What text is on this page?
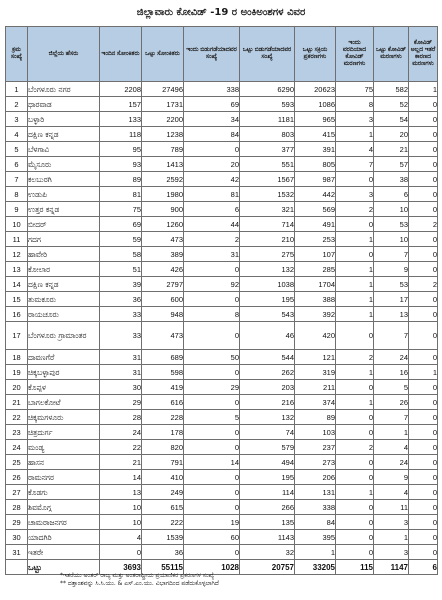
ಜಿಲ್ಲಾವಾರು ಕೋವಿಡ್ -19 ರ ಅಂಕಿಅಂಶಗಳ ವಿವರ
ಕ್ರಮ ಸಂಖ್ಯೆ	ಜಿಲ್ಲೆಯ ಹೆಸರು	ಇಂದಿನ ಸೋಂಕಿತರು	ಒಟ್ಟು ಸೋಂಕಿತರು	ಇಂದು ಬಿಡುಗಡೆಯಾದವರ ಸಂಖ್ಯೆ	ಒಟ್ಟು ಬಿಡುಗಡೆಯಾದವರ ಸಂಖ್ಯೆ	ಒಟ್ಟು ಸಕ್ರಿಯ ಪ್ರಕರಣಗಳು	ಇಂದು ವರದಿಯಾದ ಕೋವಿಡ್ ಮರಣಗಳು	ಒಟ್ಟು ಕೋವಿಡ್ ಮರಣಗಳು	ಕೋವಿಡ್ ಅಲ್ಲದ ಇತರೆ ಕಾರಣದ ಮರಣಗಳು
1	ಬೆಂಗಳೂರು ನಗರ	2208	27496	338	6290	20623	75	582	1
2	ಧಾರವಾಡ	157	1731	69	593	1086	8	52	0
3	ಬಳ್ಳಾರಿ	133	2200	34	1181	965	3	54	0
4	ದಕ್ಷಿಣ ಕನ್ನಡ	118	1238	84	803	415	1	20	0
5	ಬೆಳಗಾವಿ	95	789	0	377	391	4	21	0
6	ಮೈಸೂರು	93	1413	20	551	805	7	57	0
7	ಕಲಬುರಗಿ	89	2592	42	1567	987	0	38	0
8	ಉಡುಪಿ	81	1980	81	1532	442	3	6	0
9	ಉತ್ತರ ಕನ್ನಡ	75	900	6	321	569	2	10	0
10	ಬೀದರ್	69	1260	44	714	491	0	53	2
11	ಗದಗ	59	473	2	210	253	1	10	0
12	ಹಾವೇರಿ	58	389	31	275	107	0	7	0
13	ಕೋಲಾರ	51	426	0	132	285	1	9	0
14	ದಕ್ಷಿಣ ಕನ್ನಡ	39	2797	92	1038	1704	1	53	2
15	ತುಮಕೂರು	36	600	0	195	388	1	17	0
16	ರಾಯಚೂರು	33	948	8	543	392	1	13	0
17	ಬೆಂಗಳೂರು ಗ್ರಾಮಾಂತರ	33	473	0	46	420	0	7	0
18	ದಾವಣಗೆರೆ	31	689	50	544	121	2	24	0
19	ಚಿಕ್ಕಬಳ್ಳಾಪುರ	31	598	0	262	319	1	16	1
20	ಕೊಪ್ಪಳ	30	419	29	203	211	0	5	0
21	ಬಾಗಲಕೋಟೆ	29	616	0	216	374	1	26	0
22	ಚಿಕ್ಕಮಗಳೂರು	28	228	5	132	89	0	7	0
23	ಚಿತ್ರದುರ್ಗ	24	178	0	74	103	0	1	0
24	ಮಂಡ್ಯ	22	820	0	579	237	2	4	0
25	ಹಾಸನ	21	791	14	494	273	0	24	0
26	ರಾಮನಗರ	14	410	0	195	206	0	9	0
27	ಕೊಡಗು	13	249	0	114	131	1	4	0
28	ಶಿವಮೊಗ್ಗ	10	615	0	266	338	0	11	0
29	ಚಾಮರಾಜನಗರ	10	222	19	135	84	0	3	0
30	ಯಾದಗಿರಿ	4	1539	60	1143	395	0	1	0
31	ಇತರೇ	0	36	0	32	1	0	3	0
	ಒಟ್ಟು	3693	55115	1028	20757	33205	115	1147	6
*ಇತರೆಯು ಅಂತರ್ ರಾಜ್ಯ ಮತ್ತು ಅಂತರಾಷ್ಟ್ರೀಯ ಪ್ರಯಾಣಿಕರ ಪ್ರಕರಣಗಳ ಸಂಖ್ಯೆ
** ದತ್ತಾಂಶವನ್ನು ಸಿ.ಸಿ.ಯು. & ಎಸ್.ಎಂ.ಯು. ವಿಭಾಗದಿಂದ ಪಡೆದುಕೊಳ್ಳಲಾಗಿದೆ
